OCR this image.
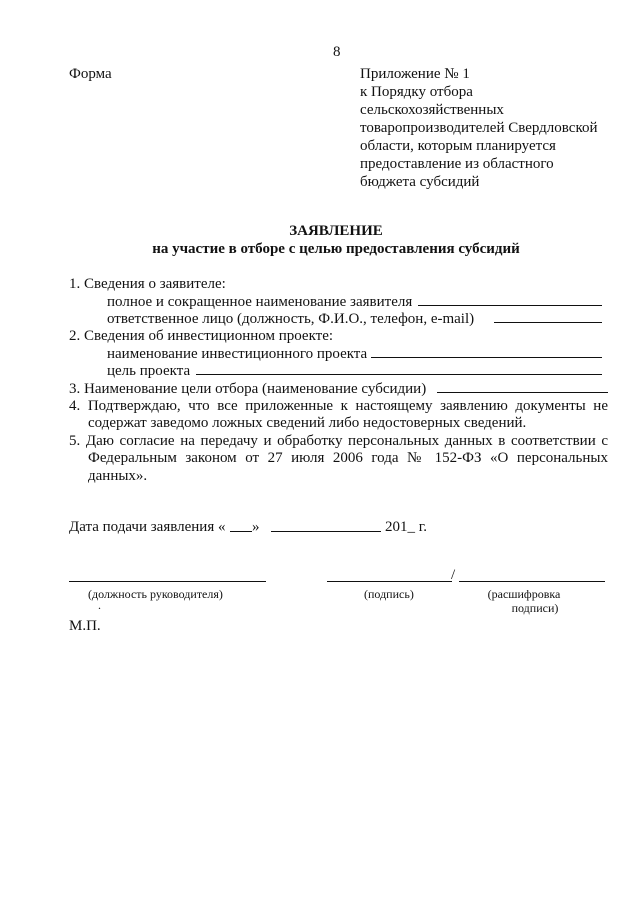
8
Форма	Приложение № 1
к Порядку отбора
сельскохозяйственных
товаропроизводителей Свердловской
области, которым планируется
предоставление из областного
бюджета субсидий
ЗАЯВЛЕНИЕ
на участие в отборе с целью предоставления субсидий
1. Сведения о заявителе:
полное и сокращенное наименование заявителя
ответственное лицо (должность, Ф.И.О., телефон, e-mail)
2. Сведения об инвестиционном проекте:
наименование инвестиционного проекта
цель проекта
3. Наименование цели отбора (наименование субсидии)
4. Подтверждаю, что все приложенные к настоящему заявлению документы не
содержат заведомо ложных сведений либо недостоверных сведений.
5. Даю согласие на передачу и обработку персональных данных в соответствии с
Федеральным законом от 27 июля 2006 года № 152-ФЗ «О персональных
данных».
Дата подачи заявления « »	201_ г.
(должность руководителя)
.
/
(подпись)	(расшифровка
подписи)
М.П.
